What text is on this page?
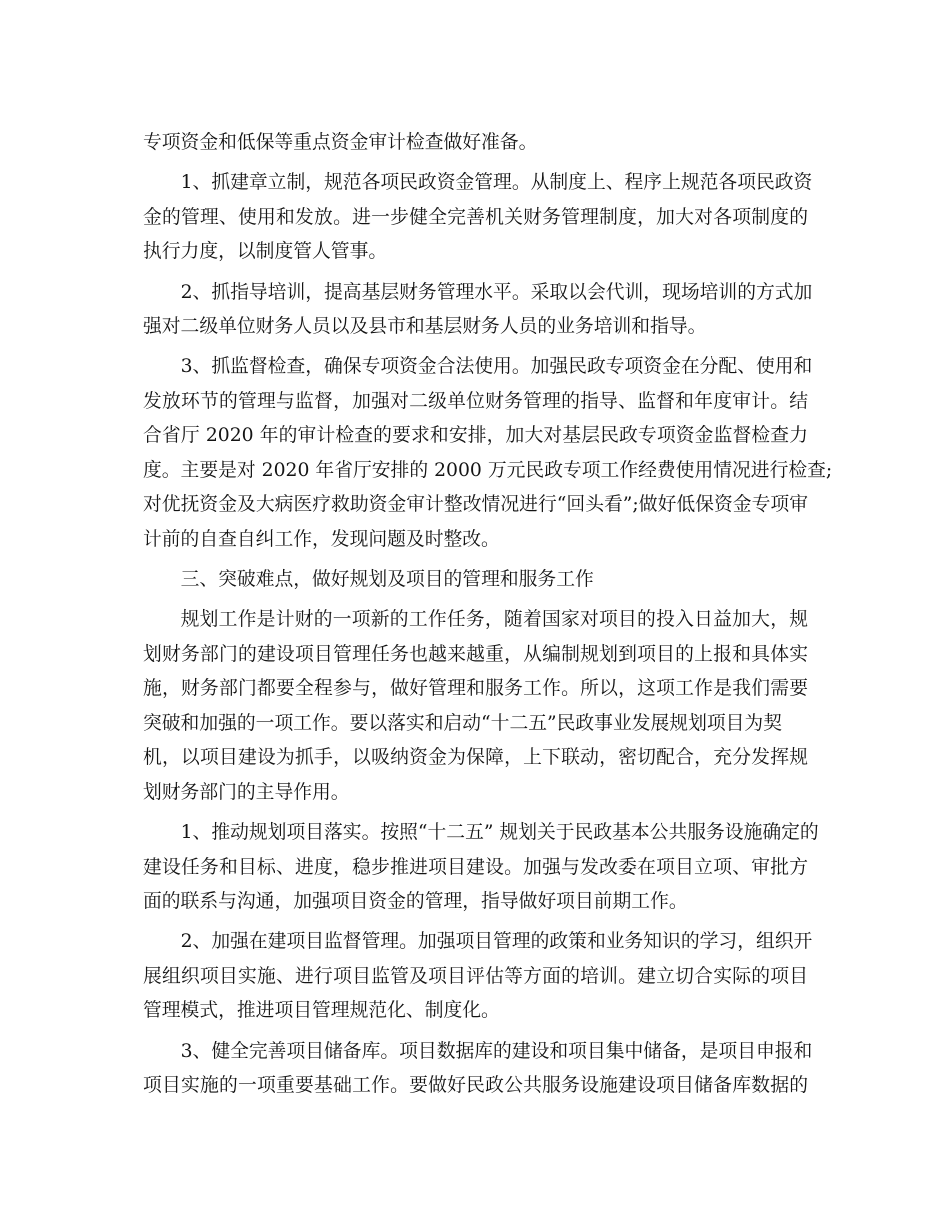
专项资金和低保等重点资金审计检查做好准备。
1、抓建章立制，规范各项民政资金管理。从制度上、程序上规范各项民政资
金的管理、使用和发放。进一步健全完善机关财务管理制度，加大对各项制度的
执行力度，以制度管人管事。
2、抓指导培训，提高基层财务管理水平。采取以会代训，现场培训的方式加
强对二级单位财务人员以及县市和基层财务人员的业务培训和指导。
3、抓监督检查，确保专项资金合法使用。加强民政专项资金在分配、使用和
发放环节的管理与监督，加强对二级单位财务管理的指导、监督和年度审计。结
合省厅 2020 年的审计检查的要求和安排，加大对基层民政专项资金监督检查力
度。主要是对 2020 年省厅安排的 2000 万元民政专项工作经费使用情况进行检查;
对优抚资金及大病医疗救助资金审计整改情况进行“回头看”;做好低保资金专项审
计前的自查自纠工作，发现问题及时整改。
三、突破难点，做好规划及项目的管理和服务工作
规划工作是计财的一项新的工作任务，随着国家对项目的投入日益加大，规
划财务部门的建设项目管理任务也越来越重，从编制规划到项目的上报和具体实
施，财务部门都要全程参与，做好管理和服务工作。所以，这项工作是我们需要
突破和加强的一项工作。要以落实和启动“十二五”民政事业发展规划项目为契
机，以项目建设为抓手，以吸纳资金为保障，上下联动，密切配合，充分发挥规
划财务部门的主导作用。
1、推动规划项目落实。按照“十二五” 规划关于民政基本公共服务设施确定的
建设任务和目标、进度，稳步推进项目建设。加强与发改委在项目立项、审批方
面的联系与沟通，加强项目资金的管理，指导做好项目前期工作。
2、加强在建项目监督管理。加强项目管理的政策和业务知识的学习，组织开
展组织项目实施、进行项目监管及项目评估等方面的培训。建立切合实际的项目
管理模式，推进项目管理规范化、制度化。
3、健全完善项目储备库。项目数据库的建设和项目集中储备，是项目申报和
项目实施的一项重要基础工作。要做好民政公共服务设施建设项目储备库数据的
